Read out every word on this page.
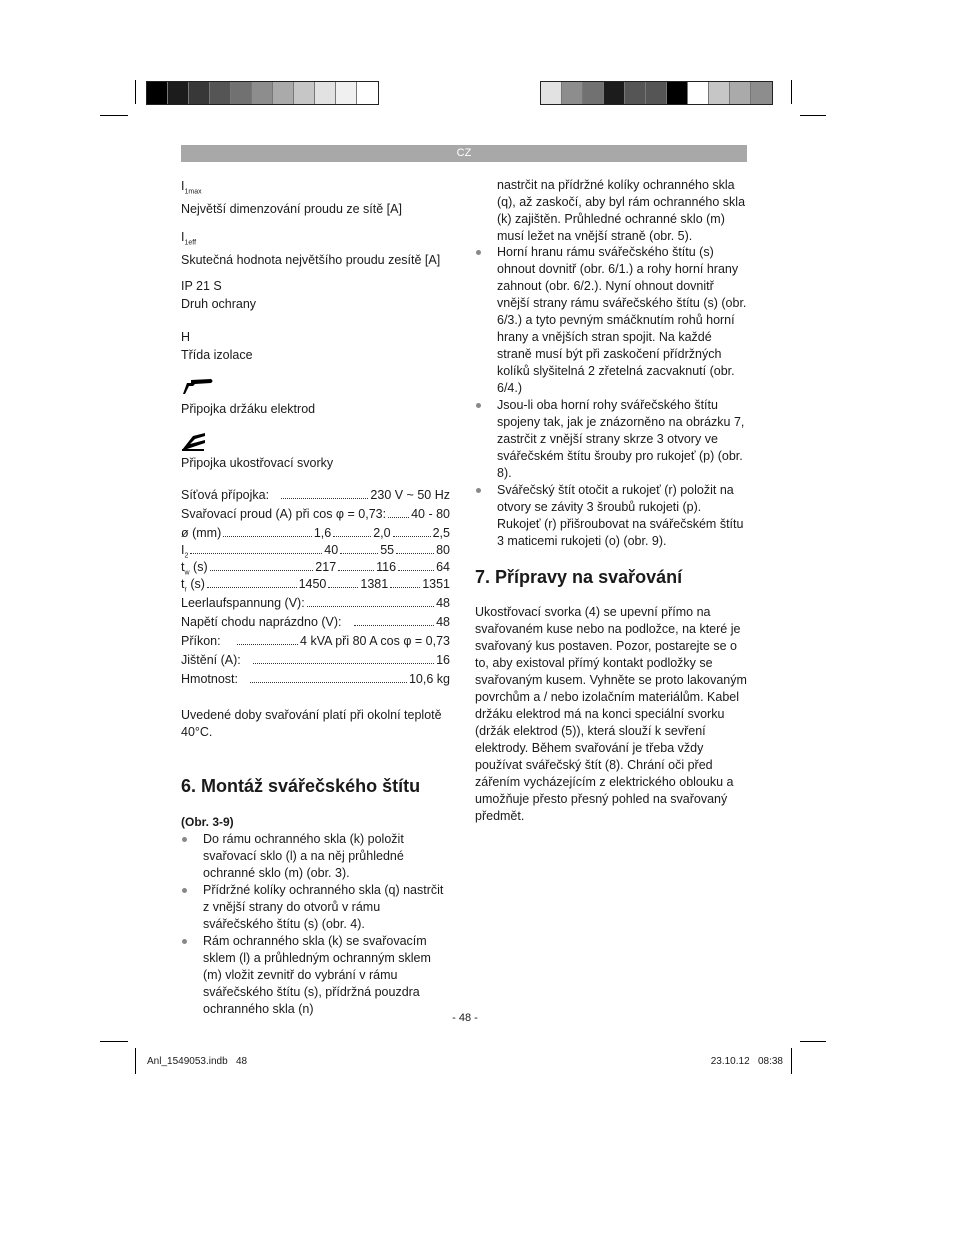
CZ
$I_{1max}$
Největší dimenzování proudu ze sítě [A]
$I_{1eff}$
Skutečná hodnota největšího proudu zesítě [A]
IP 21 S
Druh ochrany
H
Třída izolace
Připojka držáku elektrod
Připojka ukostřovací svorky
Síťová přípojka:	230 V ~ 50 Hz
Svařovací proud (A) při cos φ = 0,73: 40 - 80
ø (mm)	1,6	2,0	2,5
$I_2$	40	55	80
$t_w$ (s)	217	116	64
$t_r$ (s)	1450	1381	1351
Leerlaufspannung (V):	48
Napětí chodu naprázdno (V):	48
Příkon:	4 kVA při 80 A cos φ = 0,73
Jištění (A):	16
Hmotnost:	10,6 kg
Uvedené doby svařování platí při okolní teplotě 40°C.
6. Montáž svářečského štítu
(Obr. 3-9)
Do rámu ochranného skla (k) položit svařovací sklo (l) a na něj průhledné ochranné sklo (m) (obr. 3).
Přídržné kolíky ochranného skla (q) nastrčit z vnější strany do otvorů v rámu svářečského štítu (s) (obr. 4).
Rám ochranného skla (k) se svařovacím sklem (l) a průhledným ochranným sklem (m) vložit zevnitř do vybrání v rámu svářečského štítu (s), přídržná pouzdra ochranného skla (n)
nastrčit na přídržné kolíky ochranného skla (q), až zaskočí, aby byl rám ochranného skla (k) zajištěn. Průhledné ochranné sklo (m) musí ležet na vnější straně (obr. 5).
Horní hranu rámu svářečského štítu (s) ohnout dovnitř (obr. 6/1.) a rohy horní hrany zahnout (obr. 6/2.). Nyní ohnout dovnitř vnější strany rámu svářečského štítu (s) (obr. 6/3.) a tyto pevným smáčknutím rohů horní hrany a vnějších stran spojit. Na každé straně musí být při zaskočení přídržných kolíků slyšitelná 2 zřetelná zacvaknutí (obr. 6/4.)
Jsou-li oba horní rohy svářečského štítu spojeny tak, jak je znázorněno na obrázku 7, zastrčit z vnější strany skrze 3 otvory ve svářečském štítu šrouby pro rukojeť (p) (obr. 8).
Svářečský štít otočit a rukojeť (r) položit na otvory se závity 3 šroubů rukojeti (p). Rukojeť (r) přišroubovat na svářečském štítu 3 maticemi rukojeti (o) (obr. 9).
7. Přípravy na svařování
Ukostřovací svorka (4) se upevní přímo na svařovaném kuse nebo na podložce, na které je svařovaný kus postaven. Pozor, postarejte se o to, aby existoval přímý kontakt podložky se svařovaným kusem. Vyhněte se proto lakovaným povrchům a / nebo izolačním materiálům. Kabel držáku elektrod má na konci speciální svorku (držák elektrod (5)), která slouží k sevření elektrody. Během svařování je třeba vždy používat svářečský štít (8). Chrání oči před zářením vycházejícím z elektrického oblouku a umožňuje přesto přesný pohled na svařovaný předmět.
- 48 -
Anl_1549053.indb   48	23.10.12   08:38
